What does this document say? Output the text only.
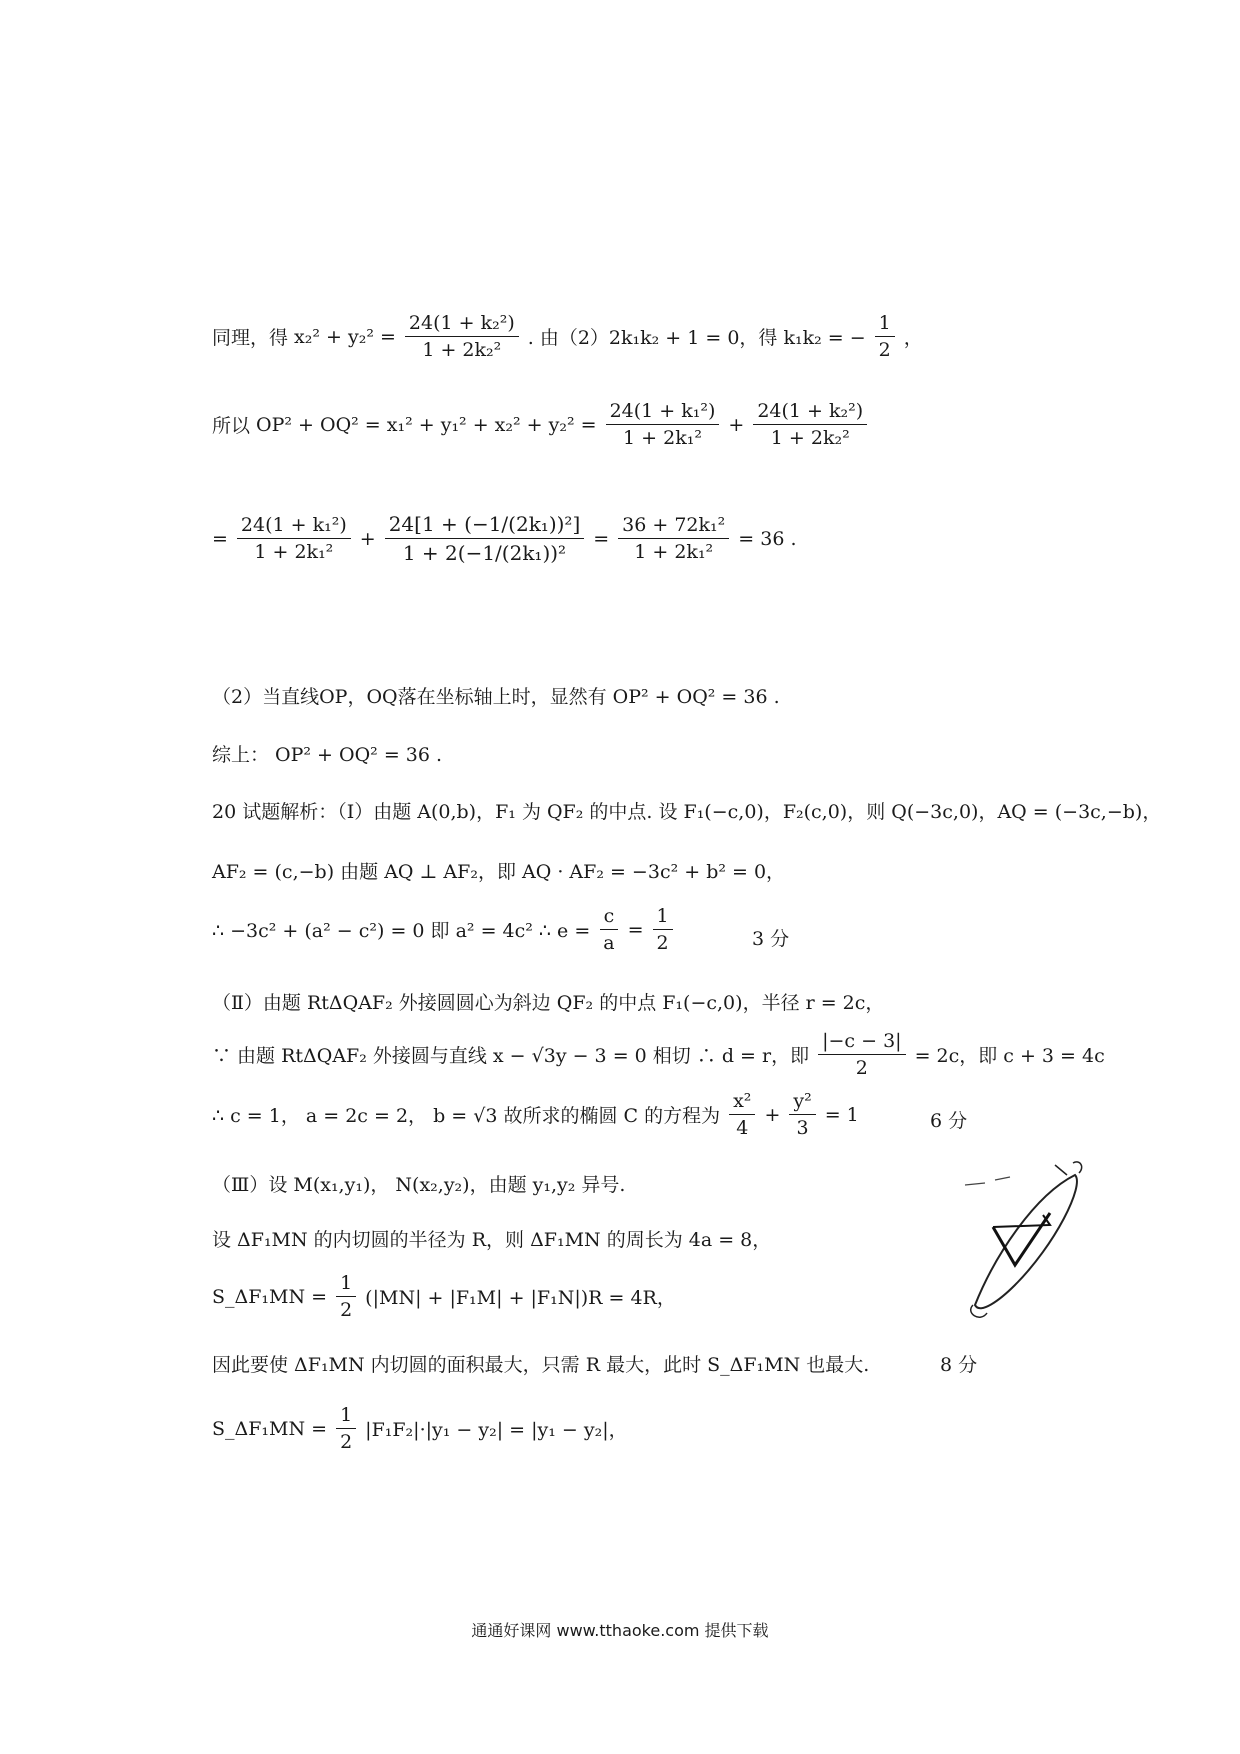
同理，得 $x_2^2 + y_2^2 = \frac{\text{24(1 + k₂²)}}{\text{1 + 2k₂²}}$ . 由（2）2k₁k₂ + 1 = 0，得 k₁k₂ = − $\frac{1}{2}$ ，
所以 $OP^2 + OQ^2 = x_1^2 + y_1^2 + x_2^2 + y_2^2 = \frac{\text{24(1 + k₁²)}}{\text{1 + 2k₁²}} + \frac{\text{24(1 + k₂²)}}{\text{1 + 2k₂²}}$
= $\frac{\text{24(1 + k₁²)}}{\text{1 + 2k₁²}} + \frac{\text{24[1 + (−1/(2k₁))²]}}{\text{1 + 2(−1/(2k₁))²}} = \frac{\text{36 + 72k₁²}}{\text{1 + 2k₁²}} = 36$ .
（2）当直线OP，OQ落在坐标轴上时，显然有 OP² + OQ² = 36 .
综上： OP² + OQ² = 36 .
20 试题解析：（Ⅰ）由题 A(0,b)，F₁ 为 QF₂ 的中点. 设 F₁(−c,0)，F₂(c,0)，则 Q(−3c,0)，AQ = (−3c,−b)，
AF₂ = (c,−b) 由题 AQ ⊥ AF₂，即 AQ · AF₂ = −3c² + b² = 0，
∴ −3c² + (a² − c²) = 0 即 a² = 4c² ∴ $e = \frac{c}{a} = \frac{1}{2}$	3 分
（Ⅱ）由题 RtΔQAF₂ 外接圆圆心为斜边 QF₂ 的中点 F₁(−c,0)，半径 r = 2c，
∵ 由题 RtΔQAF₂ 外接圆与直线 x − √3y − 3 = 0 相切 ∴ d = r，即 $\frac{|-c - 3|}{2} = 2c$，即 c + 3 = 4c
∴ c = 1， a = 2c = 2， b = √3 故所求的椭圆 C 的方程为 $\frac{\text{x²}}{4} + \frac{\text{y²}}{3} = 1$	6 分
（Ⅲ）设 M(x₁,y₁)， N(x₂,y₂)，由题 y₁,y₂ 异号.
设 ΔF₁MN 的内切圆的半径为 R，则 ΔF₁MN 的周长为 4a = 8，
S_ΔF₁MN = $\frac{1}{2} (|MN| + |F_1M| + |F_1N|)R = 4R$，
因此要使 ΔF₁MN 内切圆的面积最大，只需 R 最大，此时 S_ΔF₁MN 也最大.	8 分
S_ΔF₁MN = $\frac{1}{2} |F_1F_2|\cdot|y_1 - y_2| = |y_1 - y_2|$，
通通好课网 www.tthaoke.com 提供下载
